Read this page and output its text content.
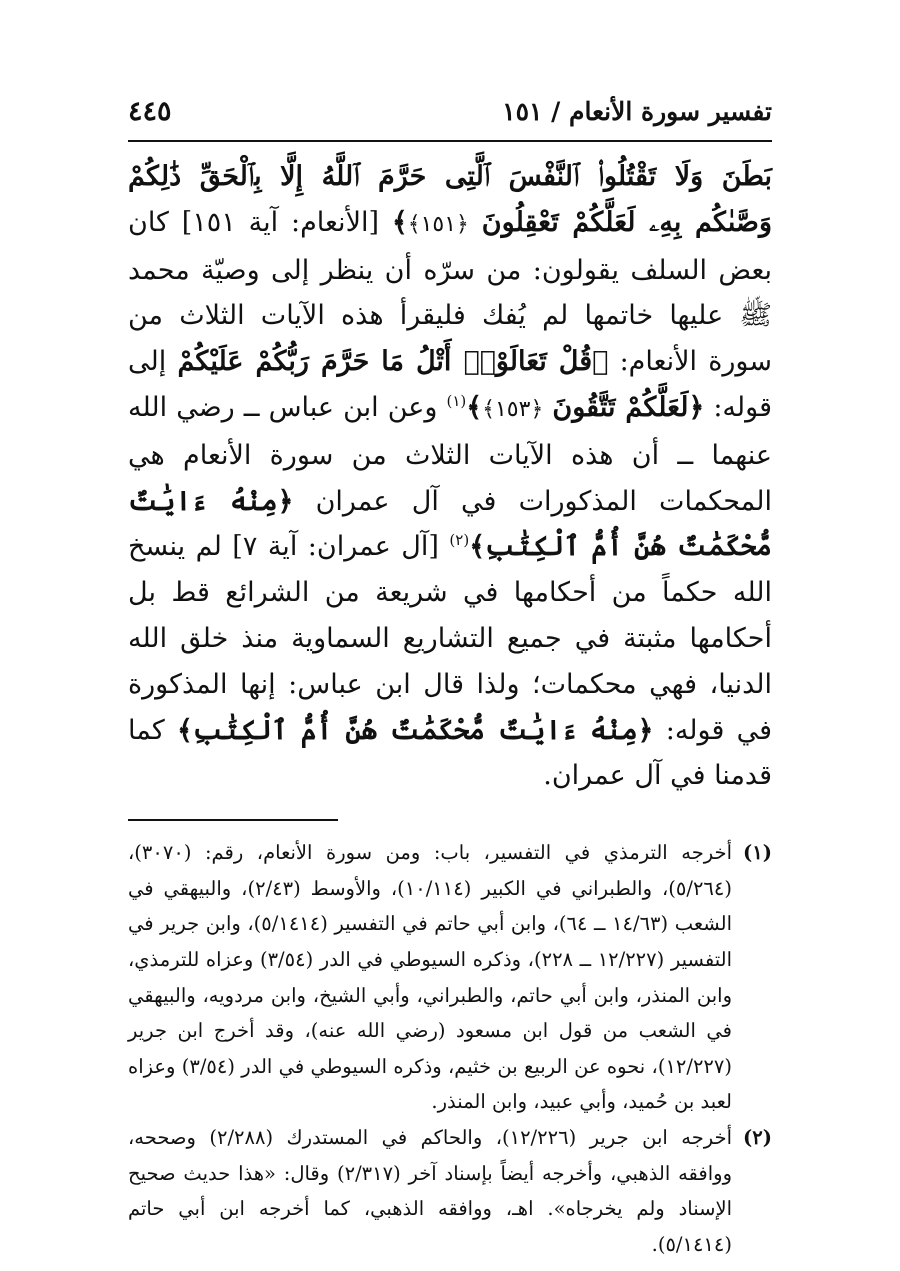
تفسير سورة الأنعام / ١٥١
٤٤٥
بَطَنَ وَلَا تَقْتُلُوا۟ ٱلنَّفْسَ ٱلَّتِى حَرَّمَ ٱللَّهُ إِلَّا بِٱلْحَقِّ ذَٰلِكُمْ وَصَّىٰكُم بِهِۦ لَعَلَّكُمْ تَعْقِلُونَ ﴿١٥١﴾﴾ [الأنعام: آية ١٥١] كان بعض السلف يقولون: من سرّه أن ينظر إلى وصيّة محمد ﷺ عليها خاتمها لم يُفك فليقرأ هذه الآيات الثلاث من سورة الأنعام: ﴿قُلْ تَعَالَوْا۟ أَتْلُ مَا حَرَّمَ رَبُّكُمْ عَلَيْكُمْ إلى قوله: ﴿لَعَلَّكُمْ تَتَّقُونَ ﴿١٥٣﴾﴾$^{(١)}$ وعن ابن عباس ــ رضي الله عنهما ــ أن هذه الآيات الثلاث من سورة الأنعام هي المحكمات المذكورات في آل عمران ﴿مِنْهُ ءَايَٰتٌ مُّحْكَمَٰتٌ هُنَّ أُمُّ ٱلْكِتَٰبِ﴾$^{(٢)}$ [آل عمران: آية ٧] لم ينسخ الله حكماً من أحكامها في شريعة من الشرائع قط بل أحكامها مثبتة في جميع التشاريع السماوية منذ خلق الله الدنيا، فهي محكمات؛ ولذا قال ابن عباس: إنها المذكورة في قوله: ﴿مِنْهُ ءَايَٰتٌ مُّحْكَمَٰتٌ هُنَّ أُمُّ ٱلْكِتَٰبِ﴾ كما قدمنا في آل عمران.
(١)
أخرجه الترمذي في التفسير، باب: ومن سورة الأنعام، رقم: (٣٠٧٠)، (٥/٢٦٤)، والطبراني في الكبير (١٠/١١٤)، والأوسط (٢/٤٣)، والبيهقي في الشعب (١٤/٦٣ ــ ٦٤)، وابن أبي حاتم في التفسير (٥/١٤١٤)، وابن جرير في التفسير (١٢/٢٢٧ ــ ٢٢٨)، وذكره السيوطي في الدر (٣/٥٤) وعزاه للترمذي، وابن المنذر، وابن أبي حاتم، والطبراني، وأبي الشيخ، وابن مردويه، والبيهقي في الشعب من قول ابن مسعود (رضي الله عنه)، وقد أخرج ابن جرير (١٢/٢٢٧)، نحوه عن الربيع بن خثيم، وذكره السيوطي في الدر (٣/٥٤) وعزاه لعبد بن حُميد، وأبي عبيد، وابن المنذر.
(٢)
أخرجه ابن جرير (١٢/٢٢٦)، والحاكم في المستدرك (٢/٢٨٨) وصححه، ووافقه الذهبي، وأخرجه أيضاً بإسناد آخر (٢/٣١٧) وقال: «هذا حديث صحيح الإسناد ولم يخرجاه». اهـ، ووافقه الذهبي، كما أخرجه ابن أبي حاتم (٥/١٤١٤).
